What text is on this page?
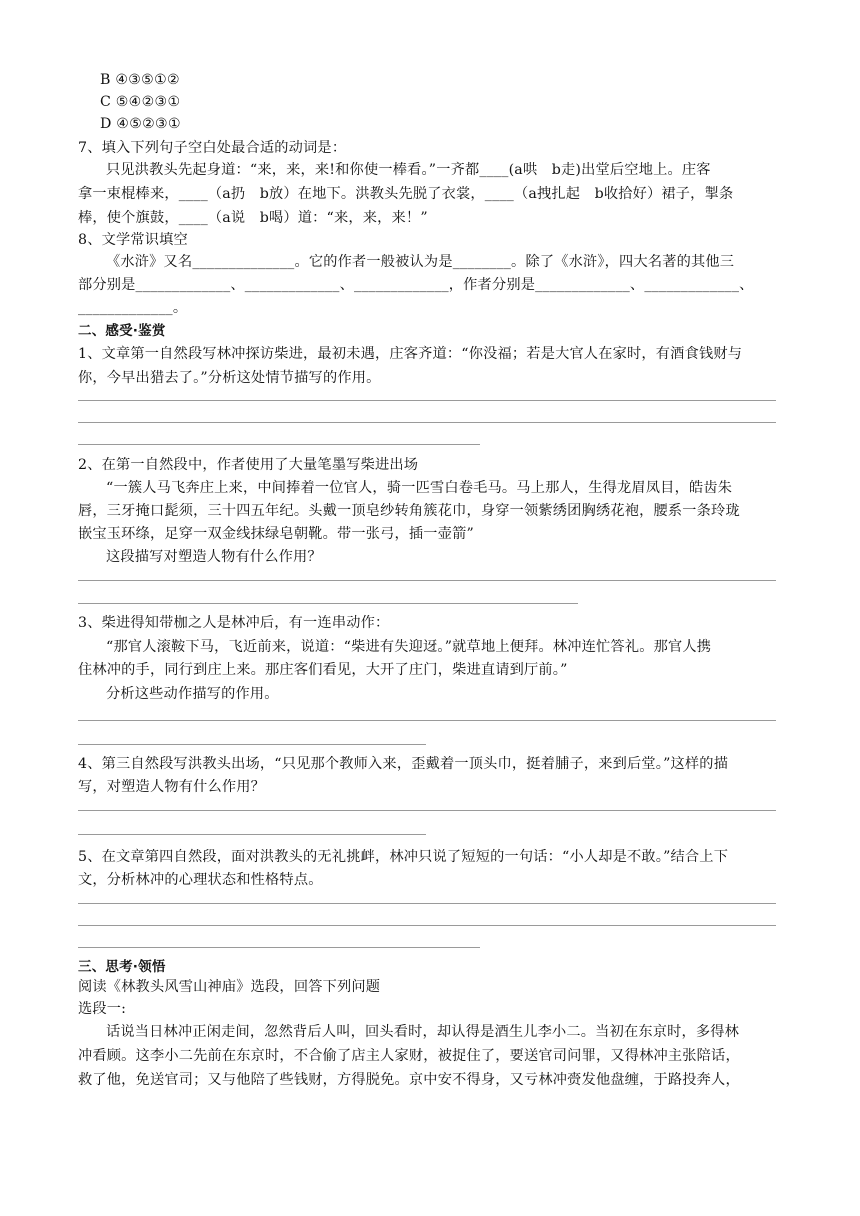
B ④③⑤①②
C ⑤④②③①
D ④⑤②③①
7、填入下列句子空白处最合适的动词是：
只见洪教头先起身道：“来，来，来!和你使一棒看。”一齐都____(a哄　b走)出堂后空地上。庄客
拿一束棍棒来，____（a扔　b放）在地下。洪教头先脱了衣裳，____（a拽扎起　b收拾好）裙子，掣条
棒，使个旗鼓，____（a说　b喝）道：“来，来，来！”
8、文学常识填空
《水浒》又名______________。它的作者一般被认为是________。除了《水浒》，四大名著的其他三
部分别是_____________、_____________、_____________，作者分别是_____________、_____________、
_____________。
二、感受·鉴赏
1、文章第一自然段写林冲探访柴进，最初未遇，庄客齐道：“你没福；若是大官人在家时，有酒食钱财与
你，今早出猎去了。”分析这处情节描写的作用。
2、在第一自然段中，作者使用了大量笔墨写柴进出场
“一簇人马飞奔庄上来，中间捧着一位官人，骑一匹雪白卷毛马。马上那人，生得龙眉凤目，皓齿朱
唇，三牙掩口髭须，三十四五年纪。头戴一顶皂纱转角簇花巾，身穿一领紫绣团胸绣花袍，腰系一条玲珑
嵌宝玉环绦，足穿一双金线抹绿皂朝靴。带一张弓，插一壶箭”
这段描写对塑造人物有什么作用？
3、柴进得知带枷之人是林冲后，有一连串动作：
“那官人滚鞍下马，飞近前来，说道：“柴进有失迎迓。”就草地上便拜。林冲连忙答礼。那官人携
住林冲的手，同行到庄上来。那庄客们看见，大开了庄门，柴进直请到厅前。”
分析这些动作描写的作用。
4、第三自然段写洪教头出场，“只见那个教师入来，歪戴着一顶头巾，挺着脯子，来到后堂。”这样的描
写，对塑造人物有什么作用？
5、在文章第四自然段，面对洪教头的无礼挑衅，林冲只说了短短的一句话：“小人却是不敢。”结合上下
文，分析林冲的心理状态和性格特点。
三、思考·领悟
阅读《林教头风雪山神庙》选段，回答下列问题
选段一:
话说当日林冲正闲走间，忽然背后人叫，回头看时，却认得是酒生儿李小二。当初在东京时，多得林
冲看顾。这李小二先前在东京时，不合偷了店主人家财，被捉住了，要送官司问罪，又得林冲主张陪话，
救了他，免送官司；又与他陪了些钱财，方得脱免。京中安不得身，又亏林冲赍发他盘缠，于路投奔人，
